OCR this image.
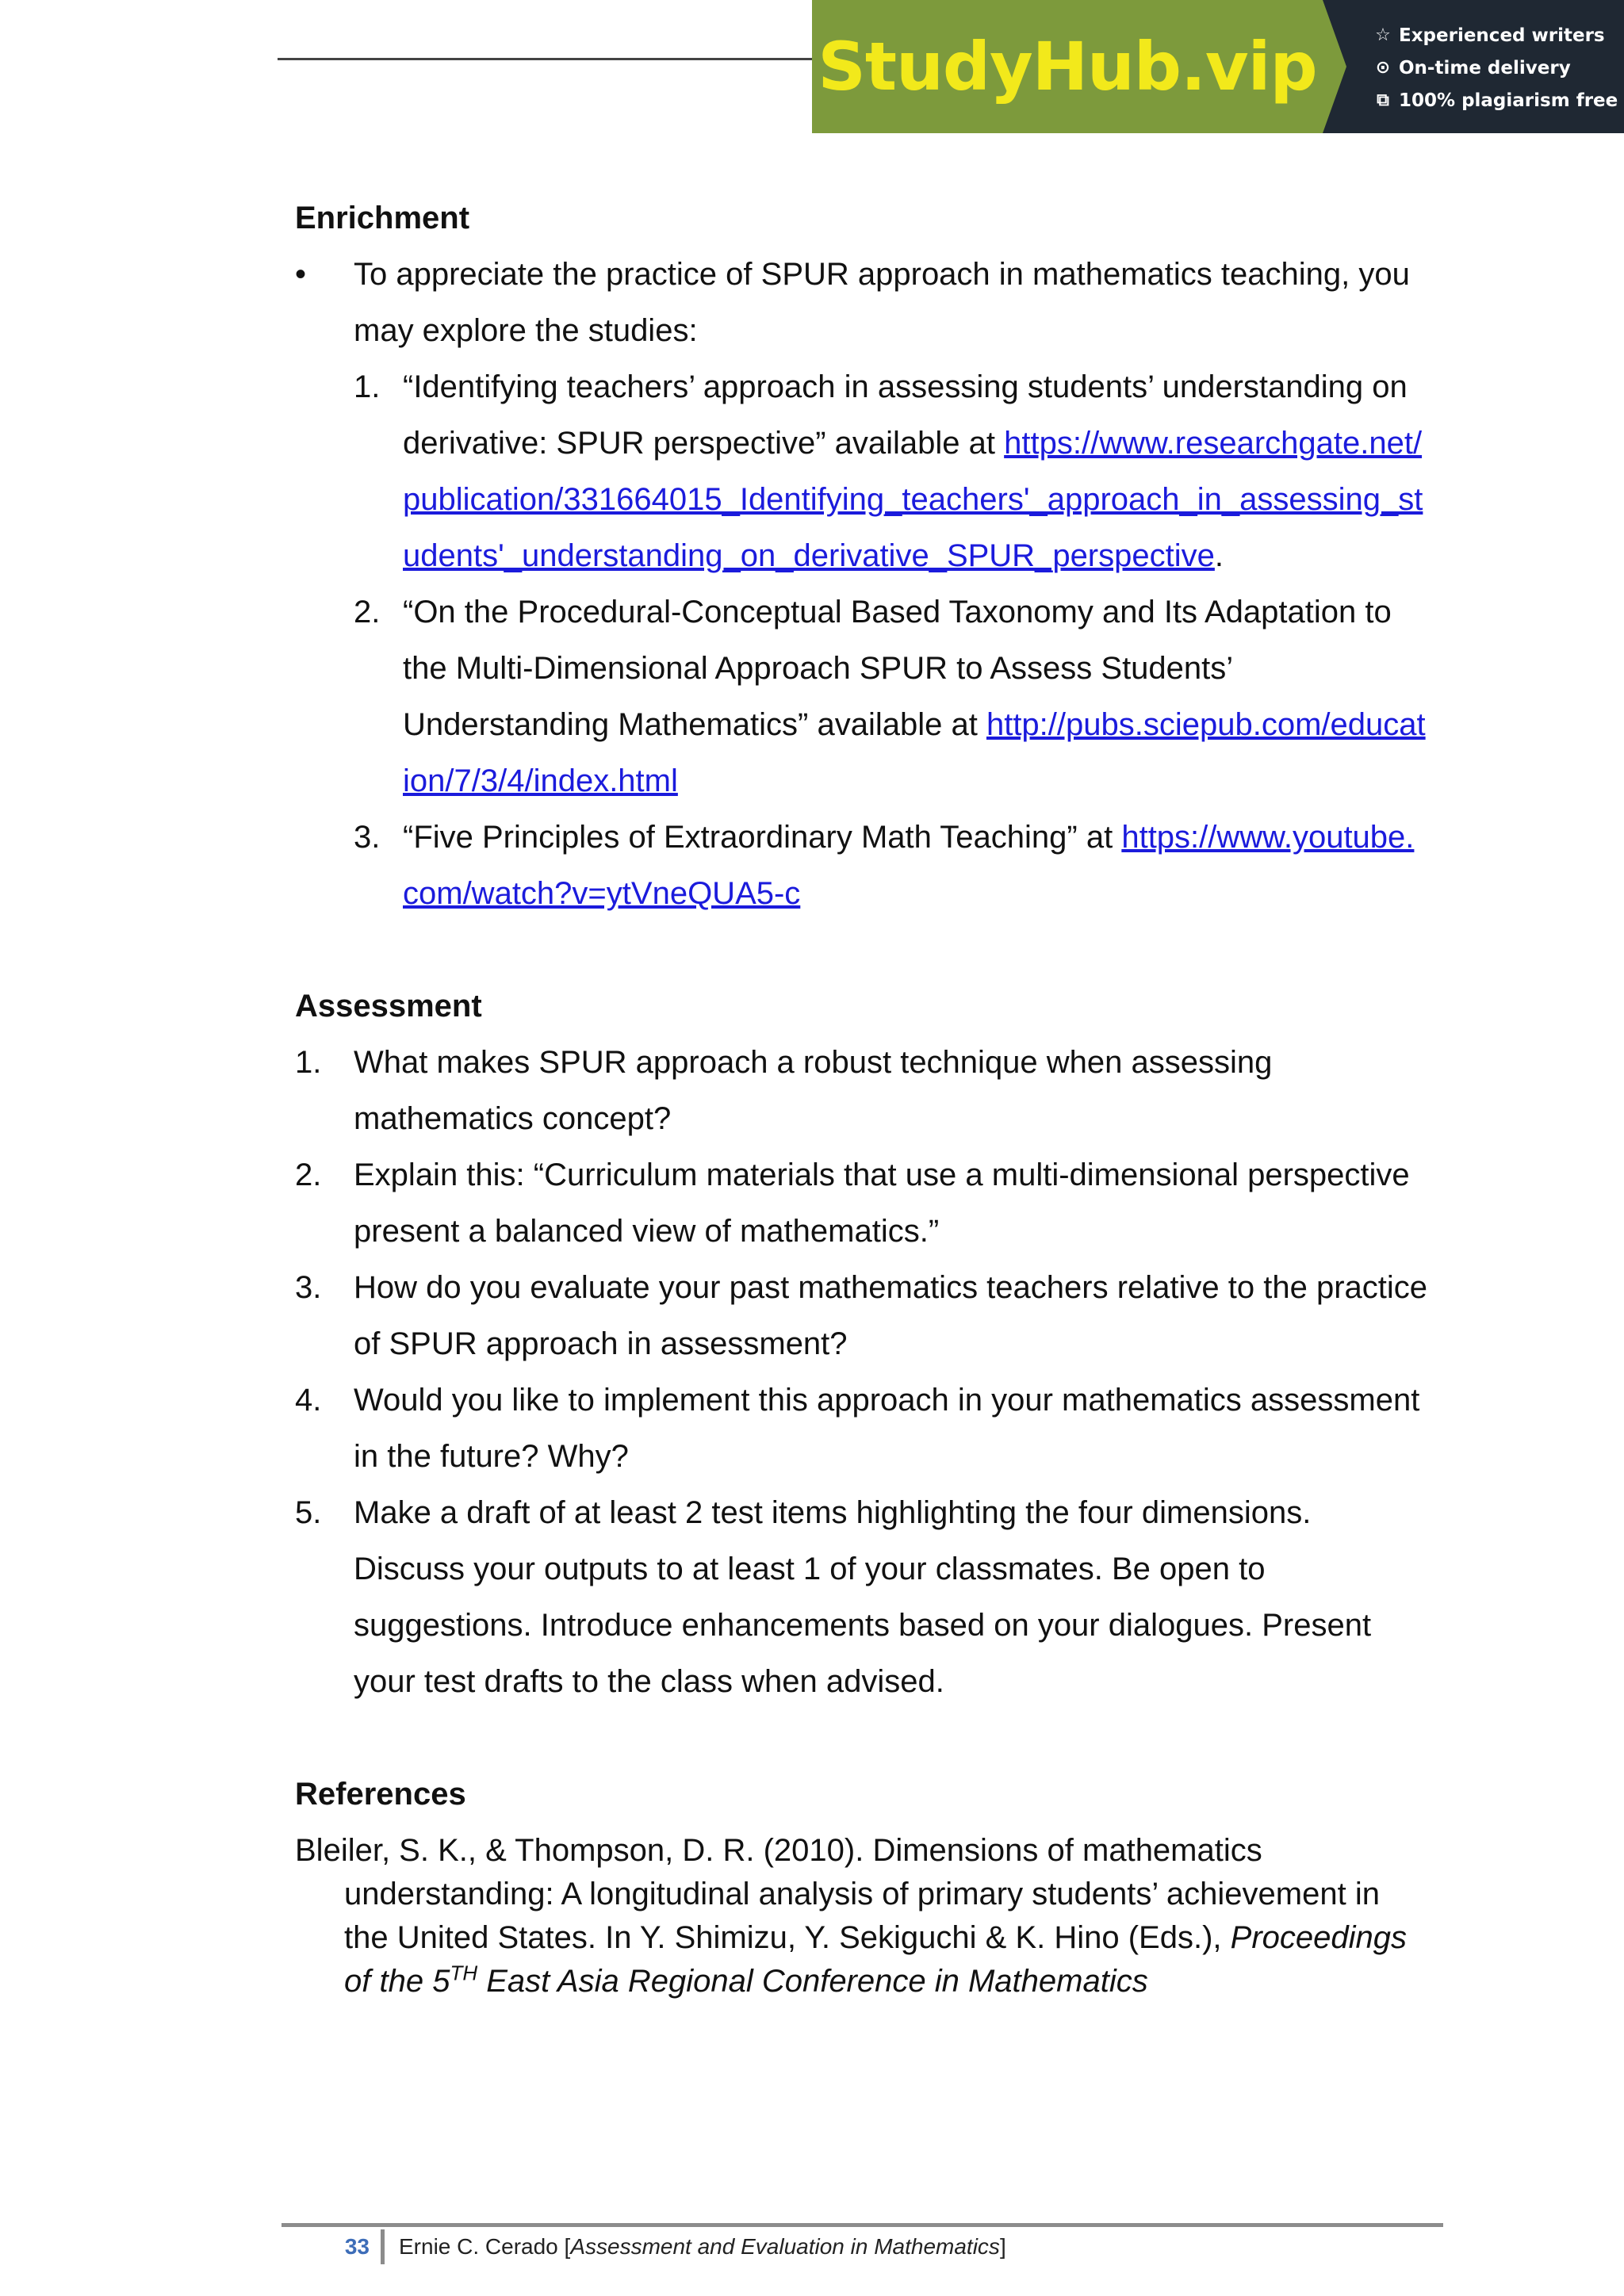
StudyHub.vip	☆ Experienced writers
⊙ On-time delivery
⧉ 100% plagiarism free

Enrichment

•	To appreciate the practice of SPUR approach in mathematics teaching, you may explore the studies:
1. “Identifying teachers’ approach in assessing students’ understanding on derivative: SPUR perspective” available at https://www.researchgate.net/publication/331664015_Identifying_teachers'_approach_in_assessing_students'_understanding_on_derivative_SPUR_perspective.
2. “On the Procedural-Conceptual Based Taxonomy and Its Adaptation to the Multi-Dimensional Approach SPUR to Assess Students’ Understanding Mathematics” available at http://pubs.sciepub.com/education/7/3/4/index.html
3. “Five Principles of Extraordinary Math Teaching” at https://www.youtube.com/watch?v=ytVneQUA5-c

Assessment

1.	What makes SPUR approach a robust technique when assessing mathematics concept?
2.	Explain this: “Curriculum materials that use a multi-dimensional perspective present a balanced view of mathematics.”
3.	How do you evaluate your past mathematics teachers relative to the practice of SPUR approach in assessment?
4.	Would you like to implement this approach in your mathematics assessment in the future? Why?
5.	Make a draft of at least 2 test items highlighting the four dimensions. Discuss your outputs to at least 1 of your classmates. Be open to suggestions. Introduce enhancements based on your dialogues. Present your test drafts to the class when advised.

References

Bleiler, S. K., & Thompson, D. R. (2010). Dimensions of mathematics understanding: A longitudinal analysis of primary students’ achievement in the United States. In Y. Shimizu, Y. Sekiguchi & K. Hino (Eds.), Proceedings of the 5TH East Asia Regional Conference in Mathematics
33	Ernie C. Cerado [Assessment and Evaluation in Mathematics]
